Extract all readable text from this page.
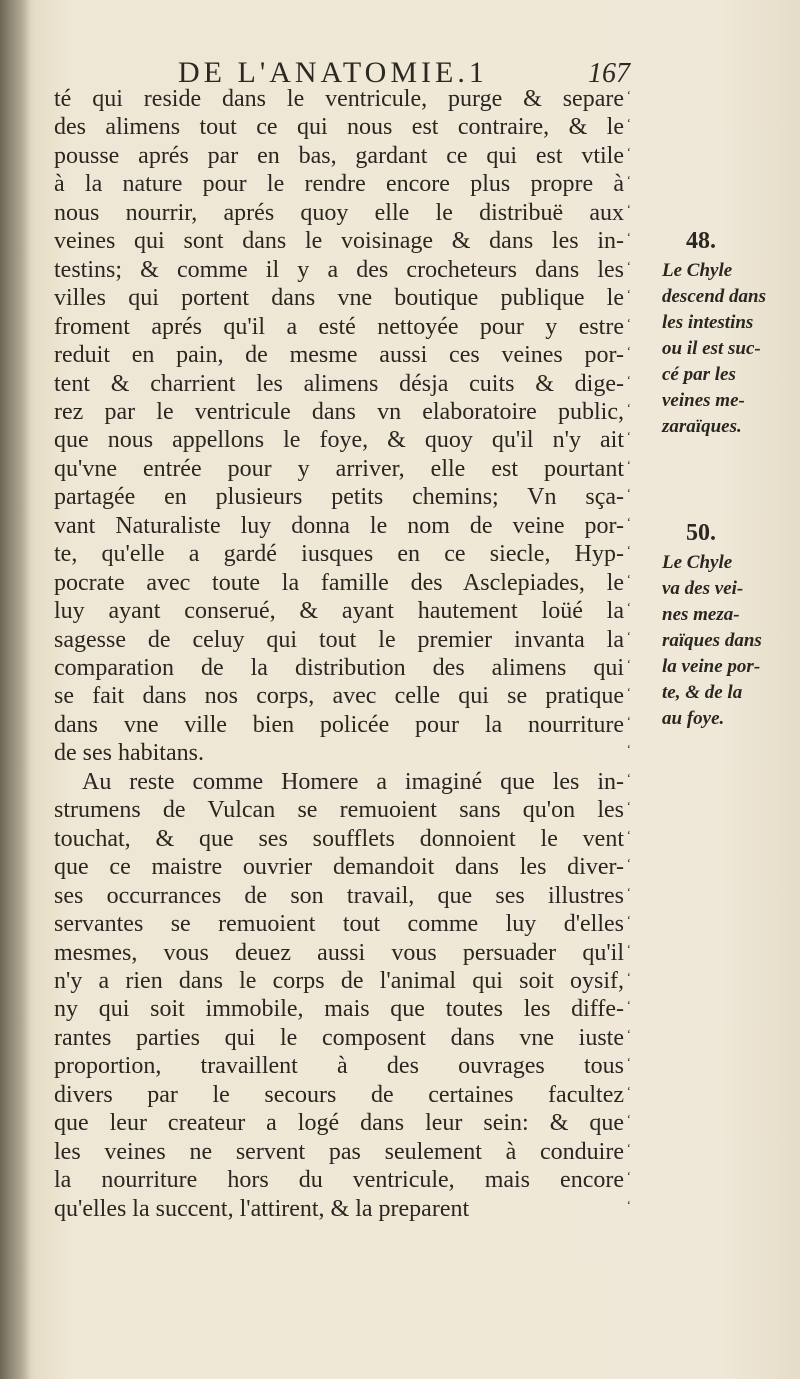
DE L'ANATOMIE.1	167
té qui reside dans le ventricule, purge & separe
des alimens tout ce qui nous est contraire, & le
pousse aprés par en bas, gardant ce qui est vtile
à la nature pour le rendre encore plus propre à
nous nourrir, aprés quoy elle le distribuë aux
veines qui sont dans le voisinage & dans les in-
testins; & comme il y a des crocheteurs dans les
villes qui portent dans vne boutique publique le
froment aprés qu'il a esté nettoyée pour y estre
reduit en pain, de mesme aussi ces veines por-
tent & charrient les alimens désja cuits & dige-
rez par le ventricule dans vn elaboratoire public,
que nous appellons le foye, & quoy qu'il n'y ait
qu'vne entrée pour y arriver, elle est pourtant
partagée en plusieurs petits chemins; Vn sça-
vant Naturaliste luy donna le nom de veine por-
te, qu'elle a gardé iusques en ce siecle, Hyp-
pocrate avec toute la famille des Asclepiades, le
luy ayant conserué, & ayant hautement loüé la
sagesse de celuy qui tout le premier invanta la
comparation de la distribution des alimens qui
se fait dans nos corps, avec celle qui se pratique
dans vne ville bien policée pour la nourriture
de ses habitans.
Au reste comme Homere a imaginé que les in-
strumens de Vulcan se remuoient sans qu'on les
touchat, & que ses soufflets donnoient le vent
que ce maistre ouvrier demandoit dans les diver-
ses occurrances de son travail, que ses illustres
servantes se remuoient tout comme luy d'elles
mesmes, vous deuez aussi vous persuader qu'il
n'y a rien dans le corps de l'animal qui soit oysif,
ny qui soit immobile, mais que toutes les diffe-
rantes parties qui le composent dans vne iuste
proportion, travaillent à des ouvrages tous
divers par le secours de certaines facultez
que leur createur a logé dans leur sein: & que
les veines ne servent pas seulement à conduire
la nourriture hors du ventricule, mais encore
qu'elles la succent, l'attirent, & la preparent
‘
‘
‘
‘
‘
‘
‘
‘
‘
‘
‘
‘
‘
‘
‘
‘
‘
‘
‘
‘
‘
‘
‘
‘
‘
‘
‘
‘
‘
‘
‘
‘
‘
‘
‘
‘
‘
‘
‘
‘
48.
Le Chyle
descend dans
les intestins
ou il est suc-
cé par les
veines me-
zaraïques.
50.
Le Chyle
va des vei-
nes meza-
raïques dans
la veine por-
te, & de la
au foye.
